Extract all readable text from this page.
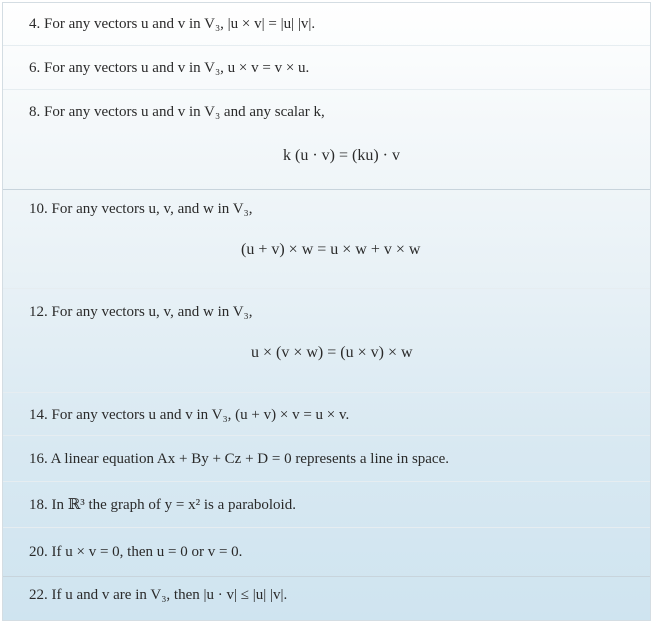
4. For any vectors u and v in V₃, |u × v| = |u| |v|.
6. For any vectors u and v in V₃, u × v = v × u.
8. For any vectors u and v in V₃ and any scalar k,
k (u · v) = (ku) · v
10. For any vectors u, v, and w in V₃,
(u + v) × w = u × w + v × w
12. For any vectors u, v, and w in V₃,
u × (v × w) = (u × v) × w
14. For any vectors u and v in V₃, (u + v) × v = u × v.
16. A linear equation Ax + By + Cz + D = 0 represents a line in space.
18. In ℝ³ the graph of y = x² is a paraboloid.
20. If u × v = 0, then u = 0 or v = 0.
22. If u and v are in V₃, then |u · v| ≤ |u| |v|.
